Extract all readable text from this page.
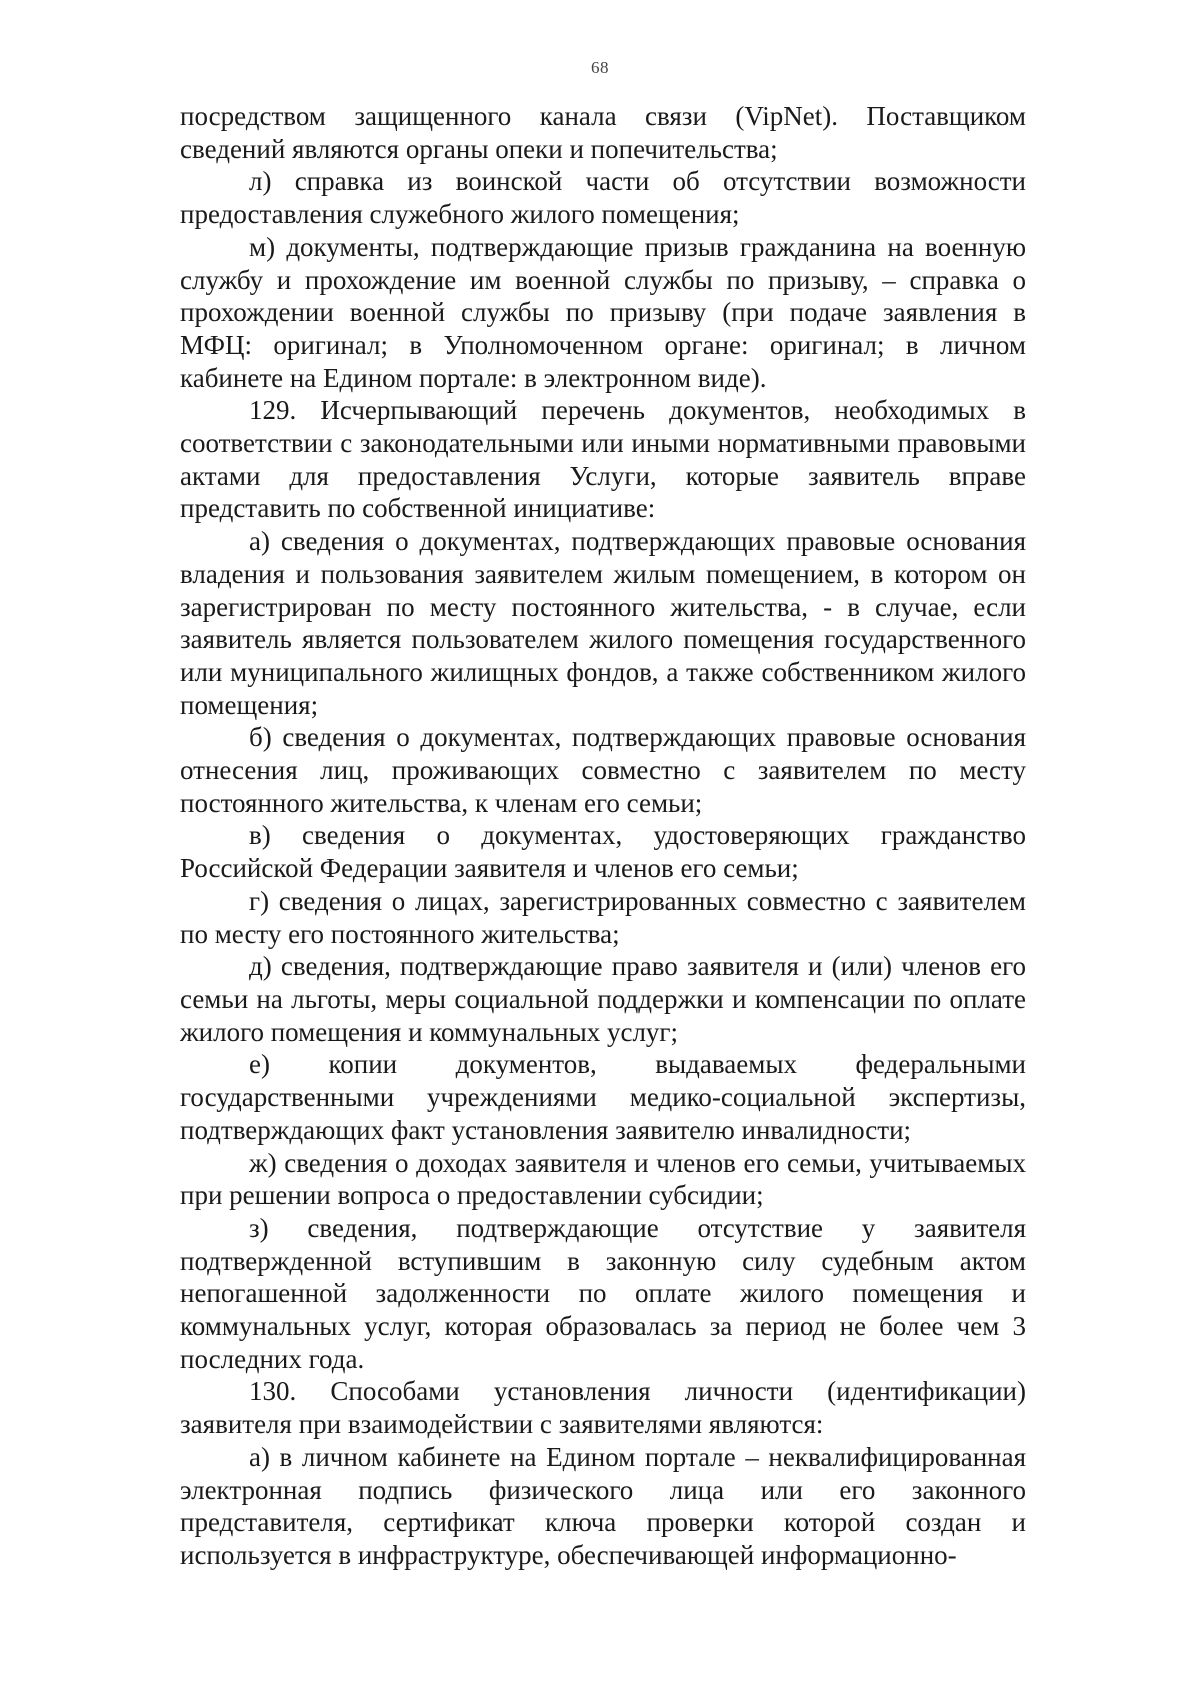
68

посредством защищенного канала связи (VipNet). Поставщиком сведений являются органы опеки и попечительства;

л) справка из воинской части об отсутствии возможности предоставления служебного жилого помещения;

м) документы, подтверждающие призыв гражданина на военную службу и прохождение им военной службы по призыву, – справка о прохождении военной службы по призыву (при подаче заявления в МФЦ: оригинал; в Уполномоченном органе: оригинал; в личном кабинете на Едином портале: в электронном виде).

129. Исчерпывающий перечень документов, необходимых в соответствии с законодательными или иными нормативными правовыми актами для предоставления Услуги, которые заявитель вправе представить по собственной инициативе:

а) сведения о документах, подтверждающих правовые основания владения и пользования заявителем жилым помещением, в котором он зарегистрирован по месту постоянного жительства, - в случае, если заявитель является пользователем жилого помещения государственного или муниципального жилищных фондов, а также собственником жилого помещения;

б) сведения о документах, подтверждающих правовые основания отнесения лиц, проживающих совместно с заявителем по месту постоянного жительства, к членам его семьи;

в) сведения о документах, удостоверяющих гражданство Российской Федерации заявителя и членов его семьи;

г) сведения о лицах, зарегистрированных совместно с заявителем по месту его постоянного жительства;

д) сведения, подтверждающие право заявителя и (или) членов его семьи на льготы, меры социальной поддержки и компенсации по оплате жилого помещения и коммунальных услуг;

е) копии документов, выдаваемых федеральными государственными учреждениями медико-социальной экспертизы, подтверждающих факт установления заявителю инвалидности;

ж) сведения о доходах заявителя и членов его семьи, учитываемых при решении вопроса о предоставлении субсидии;

з) сведения, подтверждающие отсутствие у заявителя подтвержденной вступившим в законную силу судебным актом непогашенной задолженности по оплате жилого помещения и коммунальных услуг, которая образовалась за период не более чем 3 последних года.

130. Способами установления личности (идентификации) заявителя при взаимодействии с заявителями являются:

а) в личном кабинете на Едином портале – неквалифицированная электронная подпись физического лица или его законного представителя, сертификат ключа проверки которой создан и используется в инфраструктуре, обеспечивающей информационно-
